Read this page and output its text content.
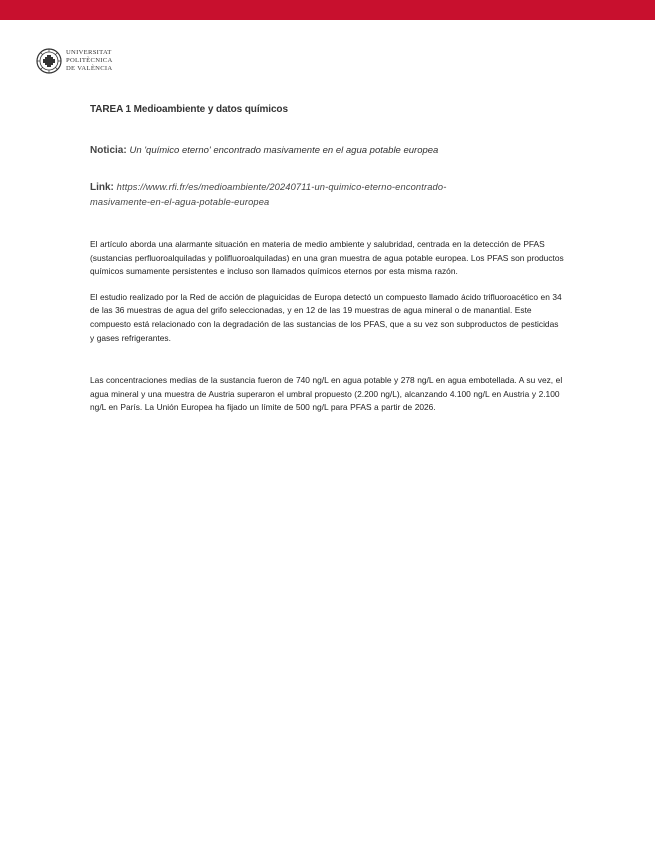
UNIVERSITAT
POLITÈCNICA
DE VALÈNCIA
TAREA 1 Medioambiente y datos químicos
Noticia: Un 'químico eterno' encontrado masivamente en el agua potable europea
Link: https://www.rfi.fr/es/medioambiente/20240711-un-quimico-eterno-encontrado-
masivamente-en-el-agua-potable-europea

El artículo aborda una alarmante situación en materia de medio ambiente y salubridad, centrada en la detección de PFAS (sustancias perfluoroalquiladas y polifluoroalquiladas) en una gran muestra de agua potable europea. Los PFAS son productos químicos sumamente persistentes e incluso son llamados químicos eternos por esta misma razón.

El estudio realizado por la Red de acción de plaguicidas de Europa detectó un compuesto llamado ácido trifluoroacético en 34 de las 36 muestras de agua del grifo seleccionadas, y en 12 de las 19 muestras de agua mineral o de manantial. Este compuesto está relacionado con la degradación de las sustancias de los PFAS, que a su vez son subproductos de pesticidas y gases refrigerantes.

Las concentraciones medias de la sustancia fueron de 740 ng/L en agua potable y 278 ng/L en agua embotellada. A su vez, el agua mineral y una muestra de Austria superaron el umbral propuesto (2.200 ng/L), alcanzando 4.100 ng/L en Austria y 2.100 ng/L en París. La Unión Europea ha fijado un límite de 500 ng/L para PFAS a partir de 2026.
